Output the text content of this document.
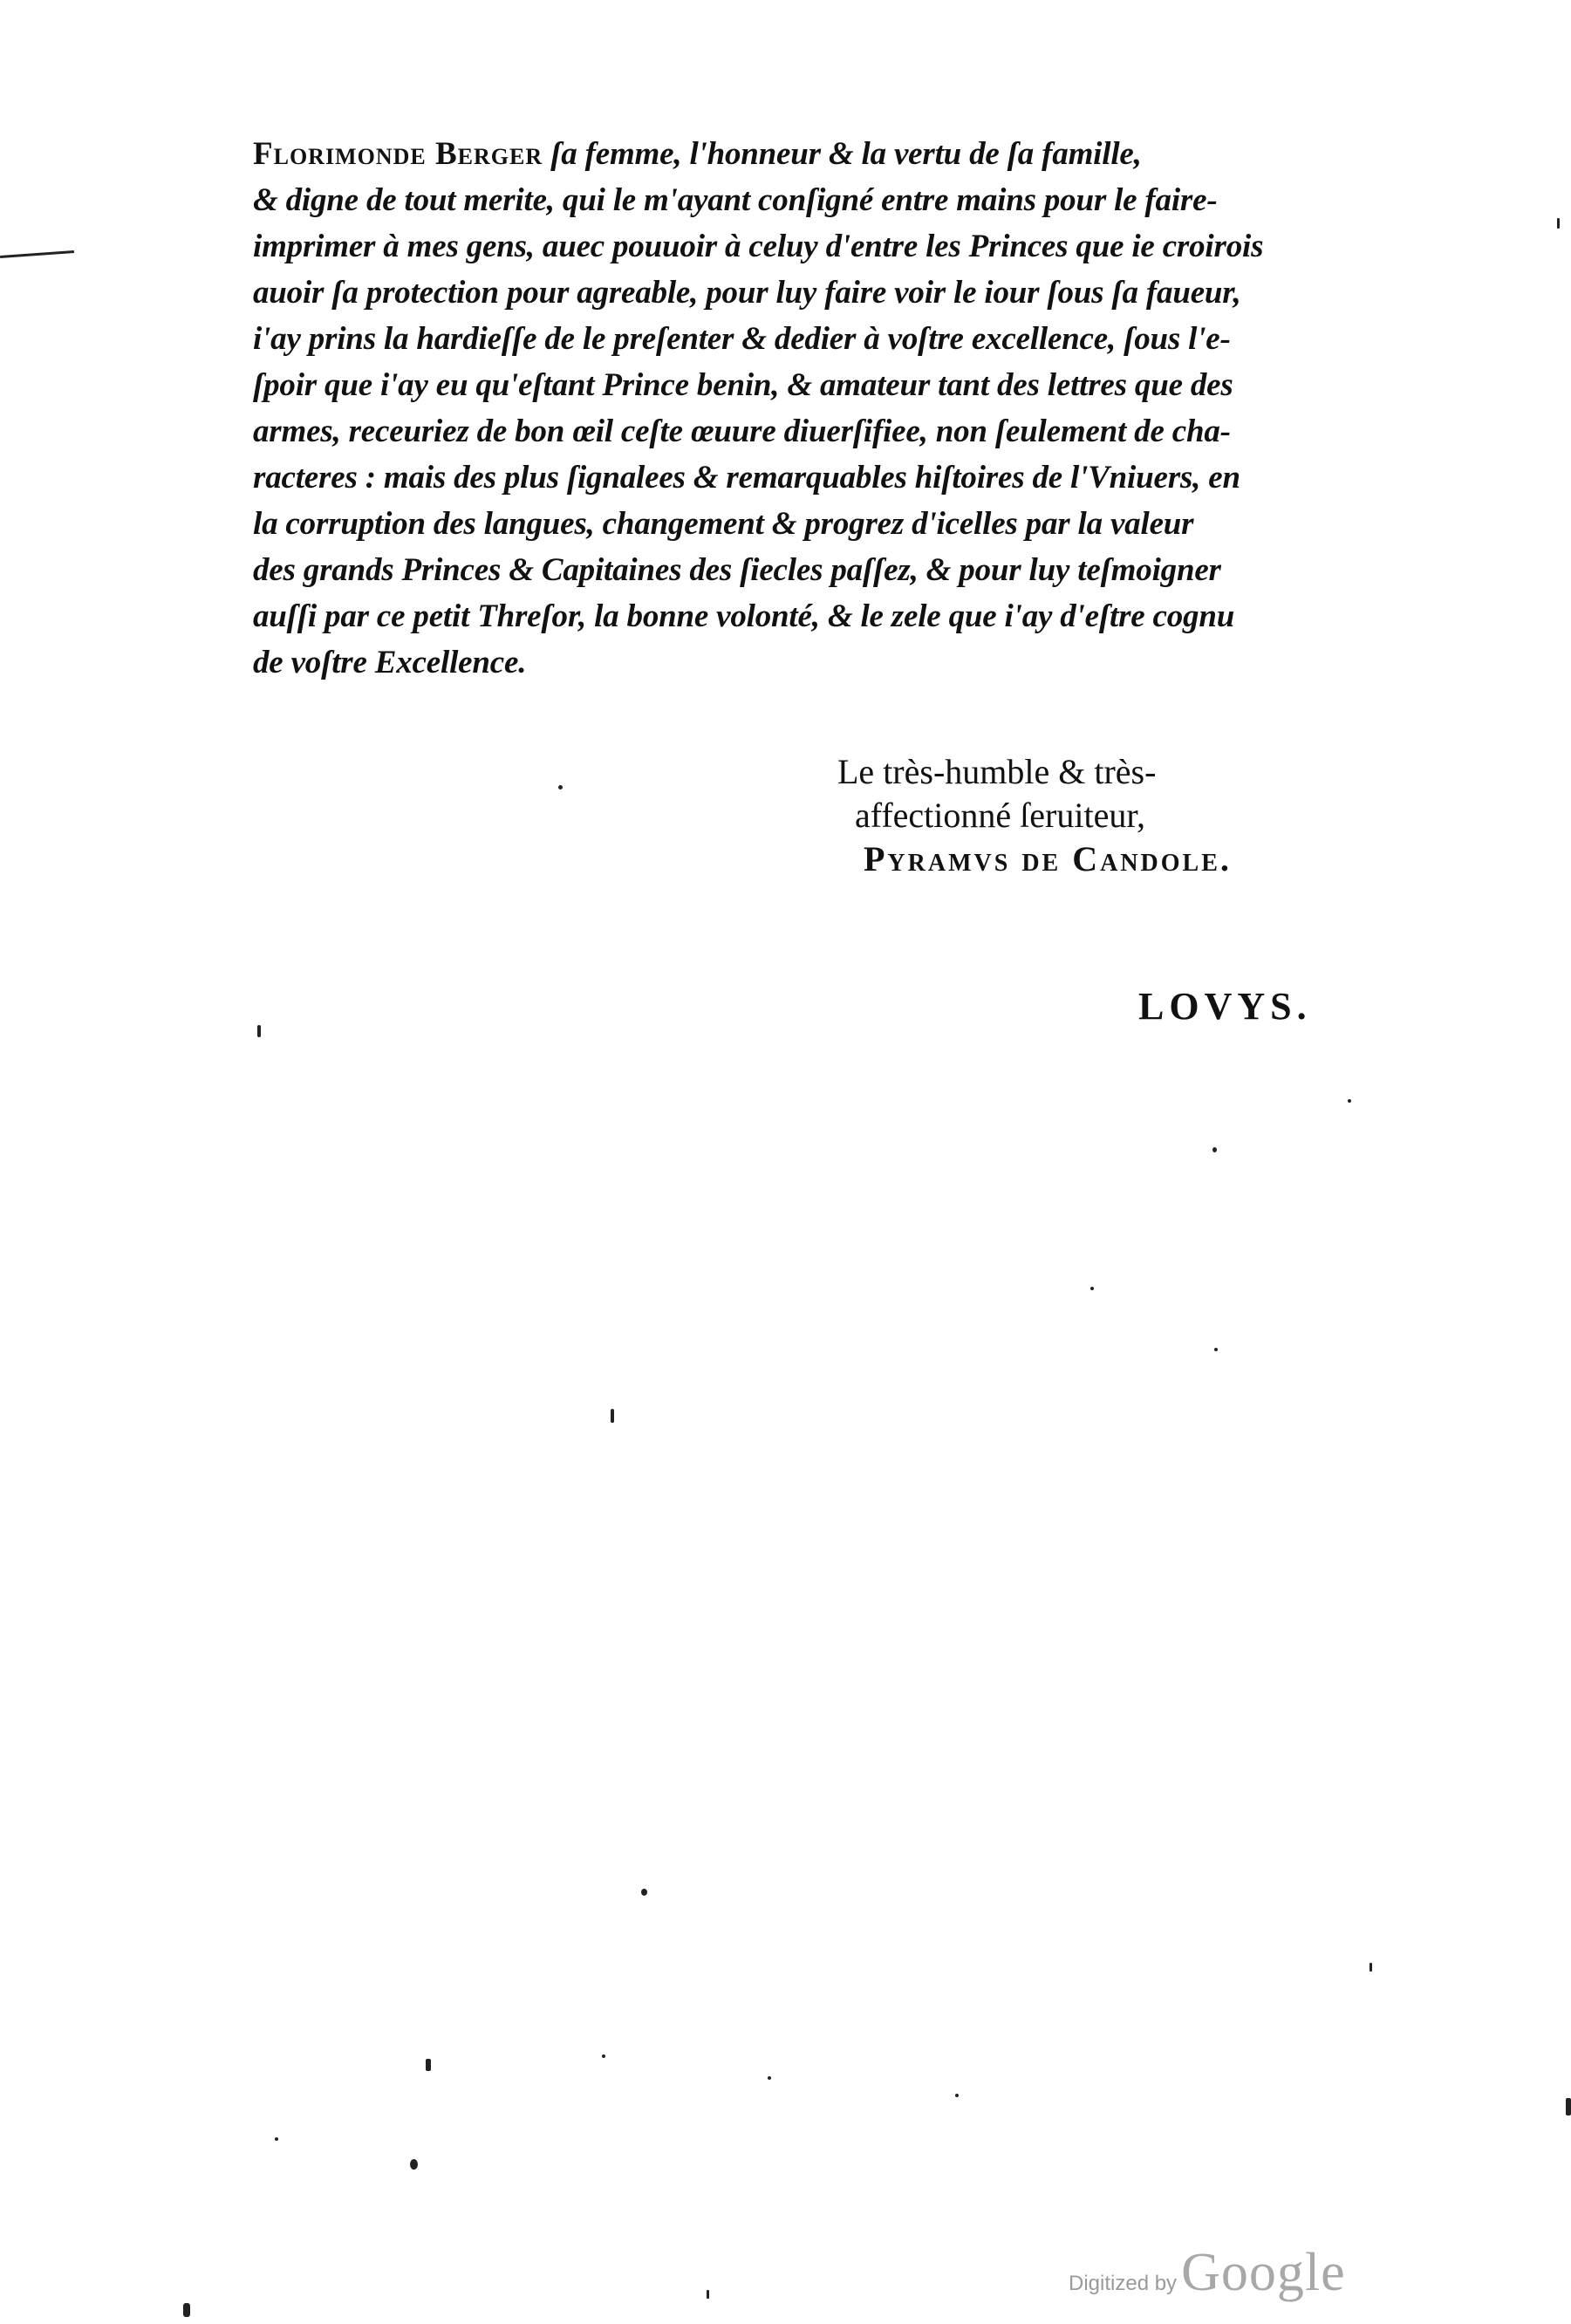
Florimonde Berger ſa femme, l'honneur & la vertu de ſa famille,
& digne de tout merite, qui le m'ayant conſigné entre mains pour le faire-
imprimer à mes gens, auec pouuoir à celuy d'entre les Princes que ie croirois
auoir ſa protection pour agreable, pour luy faire voir le iour ſous ſa faueur,
i'ay prins la hardieſſe de le preſenter & dedier à voſtre excellence, ſous l'e-
ſpoir que i'ay eu qu'eſtant Prince benin, & amateur tant des lettres que des
armes, receuriez de bon œil ceſte œuure diuerſifiee, non ſeulement de cha-
racteres : mais des plus ſignalees & remarquables hiſtoires de l'Vniuers, en
la corruption des langues, changement & progrez d'icelles par la valeur
des grands Princes & Capitaines des ſiecles paſſez, & pour luy teſmoigner
auſſi par ce petit Threſor, la bonne volonté, & le zele que i'ay d'eſtre cognu
de voſtre Excellence.
Le très-humble & très-
affectionné ſeruiteur,
Pyramvs de Candole.
LOVYS.
Digitized by Google
